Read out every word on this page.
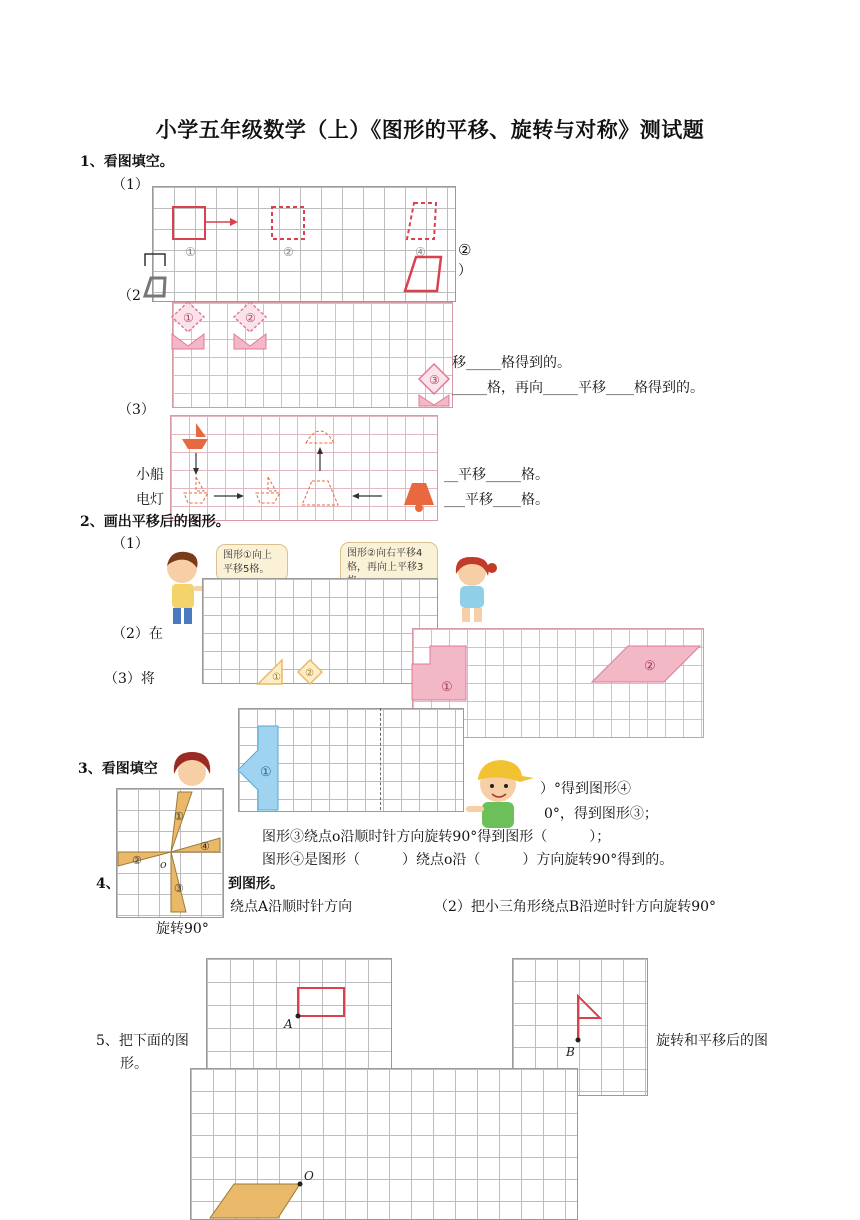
小学五年级数学（上）《图形的平移、旋转与对称》测试题
1、看图填空。
（1）
①	②	④ ②
）
（2
①	②
③
移_____格得到的。
_____格，再向_____平移____格得到的。
（3）
小船
电灯
__平移_____格。
___平移____格。
2、画出平移后的图形。
（1）
图形①向上平移5格。
图形②向右平移4格，再向上平移3
① ②
（2）在
①
②
（3）将
①
3、看图填空
①
②
③
④
o
）°得到图形④
0°，得到图形③；
图形③绕点o沿顺时针方向旋转90°得到图形（　　　）；
图形④是图形（　　　）绕点o沿（　　　）方向旋转90°得到的。
4、	到图形。
绕点A沿顺时针方向
旋转90°
（2）把小三角形绕点B沿逆时针方向旋转90°
A
B
5、把下面的图	旋转和平移后的图
形。
O
